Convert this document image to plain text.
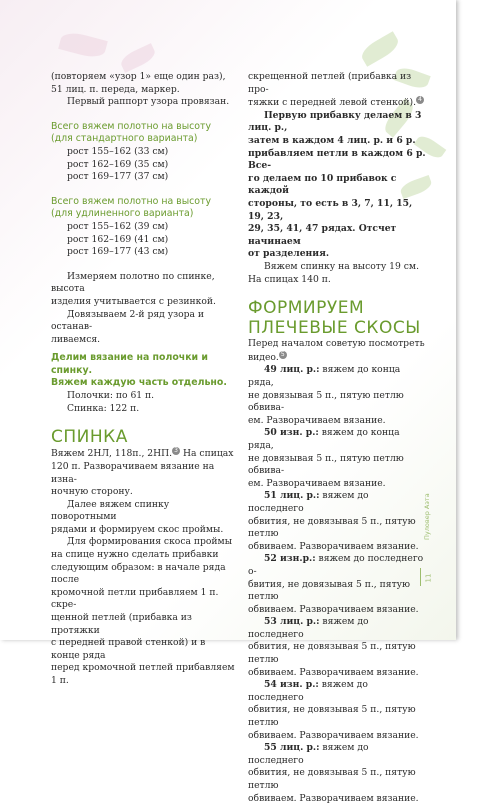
(повторяем «узор 1» еще один раз),

51 лиц. п. переда, маркер.

Первый раппорт узора провязан.

Всего вяжем полотно на высоту

(для стандартного варианта)

рост 155–162 (33 см)

рост 162–169 (35 см)

рост 169–177 (37 см)

Всего вяжем полотно на высоту

(для удлиненного варианта)

рост 155–162 (39 см)

рост 162–169 (41 см)

рост 169–177 (43 см)

Измеряем полотно по спинке, высота

изделия учитывается с резинкой.

Довязываем 2-й ряд узора и останав-

ливаемся.

Делим вязание на полочки и спинку.

Вяжем каждую часть отдельно.

Полочки: по 61 п.

Спинка: 122 п.

СПИНКА

Вяжем 2НЛ, 118п., 2НП. 3 На спицах

120 п. Разворачиваем вязание на изна-

ночную сторону.

Далее вяжем спинку поворотными

рядами и формируем скос проймы.

Для формирования скоса проймы

на спице нужно сделать прибавки

следующим образом: в начале ряда после

кромочной петли прибавляем 1 п. скре-

щенной петлей (прибавка из протяжки

с передней правой стенкой) и в конце ряда

перед кромочной петлей прибавляем 1 п.

скрещенной петлей (прибавка из про-

тяжки с передней левой стенкой). 4

Первую прибавку делаем в 3 лиц. р.,

затем в каждом 4 лиц. р. и 6 р.

прибавляем петли в каждом 6 р. Все-

го делаем по 10 прибавок с каждой

стороны, то есть в 3, 7, 11, 15, 19, 23,

29, 35, 41, 47 рядах. Отсчет начинаем

от разделения.

Вяжем спинку на высоту 19 см.

На спицах 140 п.

ФОРМИРУЕМ

ПЛЕЧЕВЫЕ СКОСЫ

Перед началом советую посмотреть

видео. 5

49 лиц. р.: вяжем до конца ряда,

не довязывая 5 п., пятую петлю обвива-

ем. Разворачиваем вязание.

50 изн. р.: вяжем до конца ряда,

не довязывая 5 п., пятую петлю обвива-

ем. Разворачиваем вязание.

51 лиц. р.: вяжем до последнего

обвития, не довязывая 5 п., пятую петлю

обвиваем. Разворачиваем вязание.

52 изн.р.: вяжем до последнего о-

бвития, не довязывая 5 п., пятую петлю

обвиваем. Разворачиваем вязание.

53 лиц. р.: вяжем до последнего

обвития, не довязывая 5 п., пятую петлю

обвиваем. Разворачиваем вязание.

54 изн. р.: вяжем до последнего

обвития, не довязывая 5 п., пятую петлю

обвиваем. Разворачиваем вязание.

55 лиц. р.: вяжем до последнего

обвития, не довязывая 5 п., пятую петлю

обвиваем. Разворачиваем вязание.

Пуловер Аэта
11
